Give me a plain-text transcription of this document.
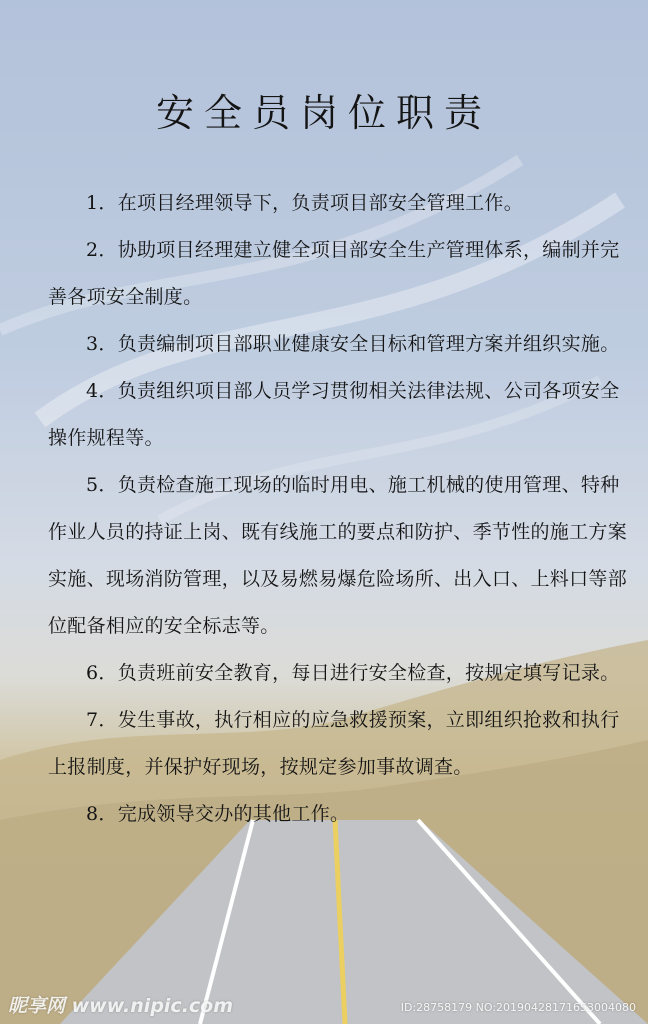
安全员岗位职责
1．在项目经理领导下，负责项目部安全管理工作。
2．协助项目经理建立健全项目部安全生产管理体系，编制并完善各项安全制度。
3．负责编制项目部职业健康安全目标和管理方案并组织实施。
4．负责组织项目部人员学习贯彻相关法律法规、公司各项安全操作规程等。
5．负责检查施工现场的临时用电、施工机械的使用管理、特种作业人员的持证上岗、既有线施工的要点和防护、季节性的施工方案实施、现场消防管理，以及易燃易爆危险场所、出入口、上料口等部位配备相应的安全标志等。
6．负责班前安全教育，每日进行安全检查，按规定填写记录。
7．发生事故，执行相应的应急救援预案，立即组织抢救和执行上报制度，并保护好现场，按规定参加事故调查。
8．完成领导交办的其他工作。
昵享网 www.nipic.com	ID:28758179 NO:20190428171653004080
